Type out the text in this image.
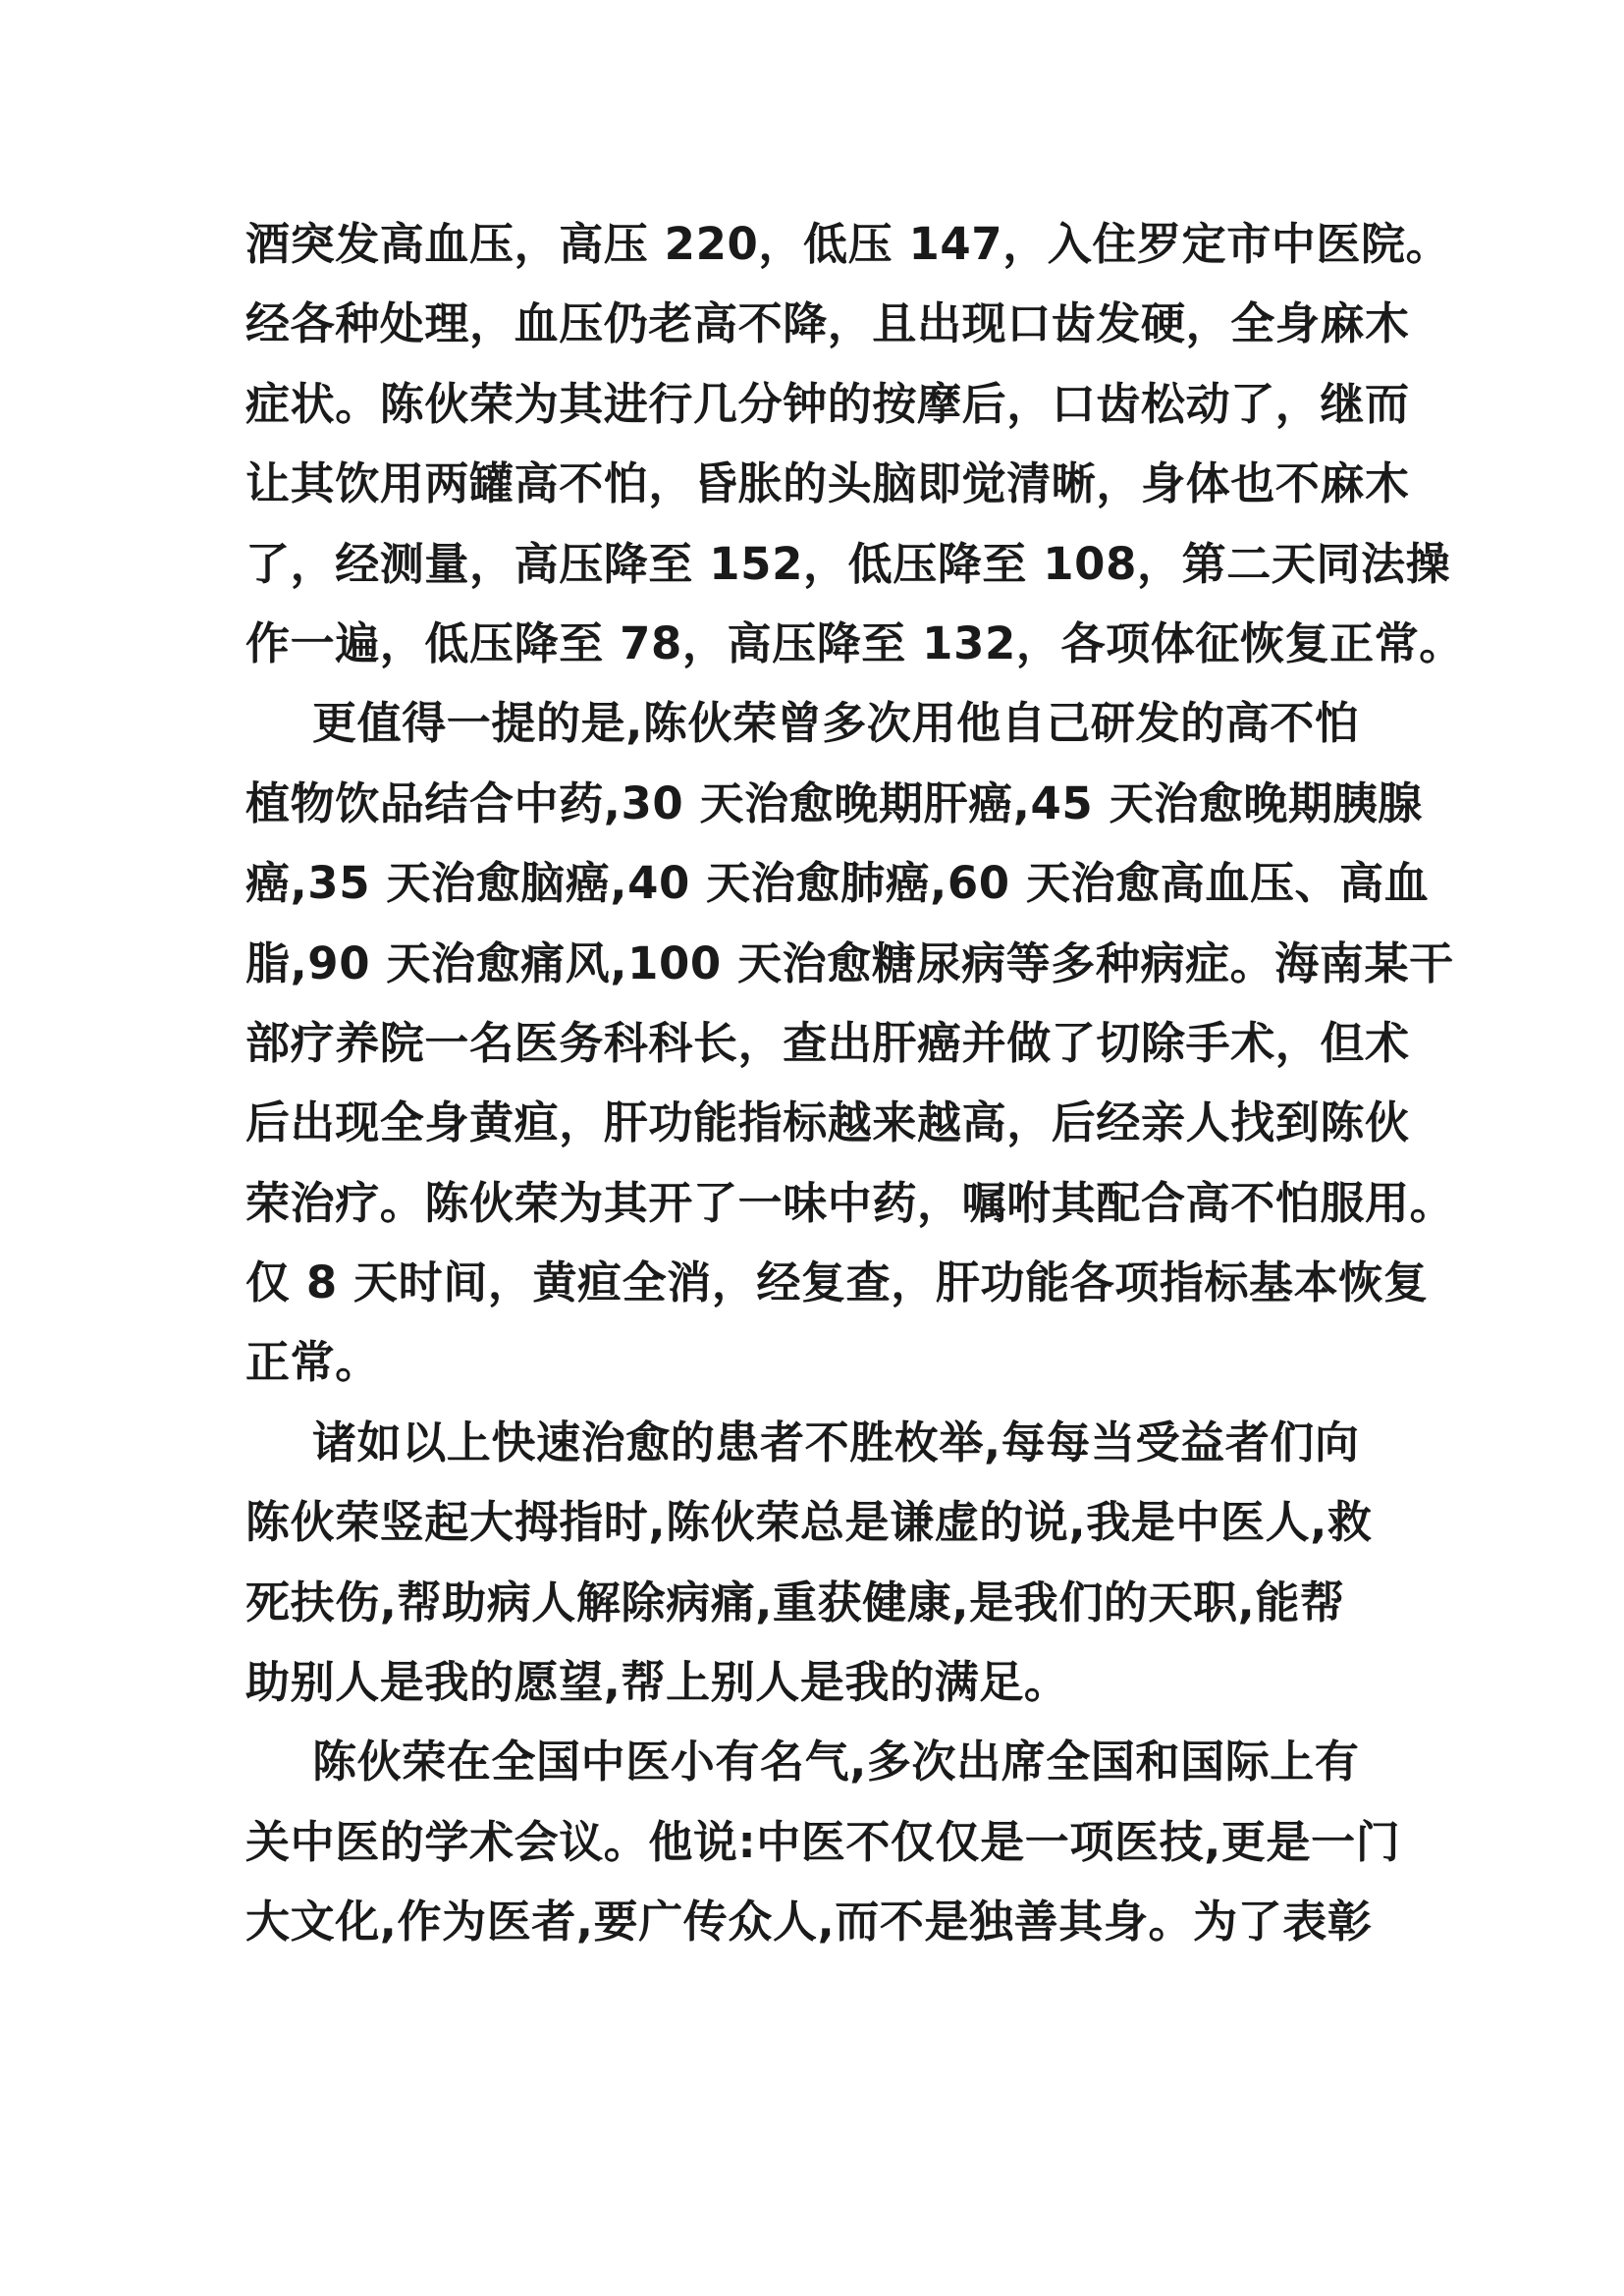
酒突发高血压，高压 220，低压 147，入住罗定市中医院。
经各种处理，血压仍老高不降，且出现口齿发硬，全身麻木
症状。陈伙荣为其进行几分钟的按摩后，口齿松动了，继而
让其饮用两罐高不怕，昏胀的头脑即觉清晰，身体也不麻木
了，经测量，高压降至 152，低压降至 108，第二天同法操
作一遍，低压降至 78，高压降至 132，各项体征恢复正常。
更值得一提的是,陈伙荣曾多次用他自己研发的高不怕
植物饮品结合中药,30 天治愈晚期肝癌,45 天治愈晚期胰腺
癌,35 天治愈脑癌,40 天治愈肺癌,60 天治愈高血压、高血
脂,90 天治愈痛风,100 天治愈糖尿病等多种病症。海南某干
部疗养院一名医务科科长，查出肝癌并做了切除手术，但术
后出现全身黄疸，肝功能指标越来越高，后经亲人找到陈伙
荣治疗。陈伙荣为其开了一味中药，嘱咐其配合高不怕服用。
仅 8 天时间，黄疸全消，经复查，肝功能各项指标基本恢复
正常。
诸如以上快速治愈的患者不胜枚举,每每当受益者们向
陈伙荣竖起大拇指时,陈伙荣总是谦虚的说,我是中医人,救
死扶伤,帮助病人解除病痛,重获健康,是我们的天职,能帮
助别人是我的愿望,帮上别人是我的满足。
陈伙荣在全国中医小有名气,多次出席全国和国际上有
关中医的学术会议。他说:中医不仅仅是一项医技,更是一门
大文化,作为医者,要广传众人,而不是独善其身。为了表彰
